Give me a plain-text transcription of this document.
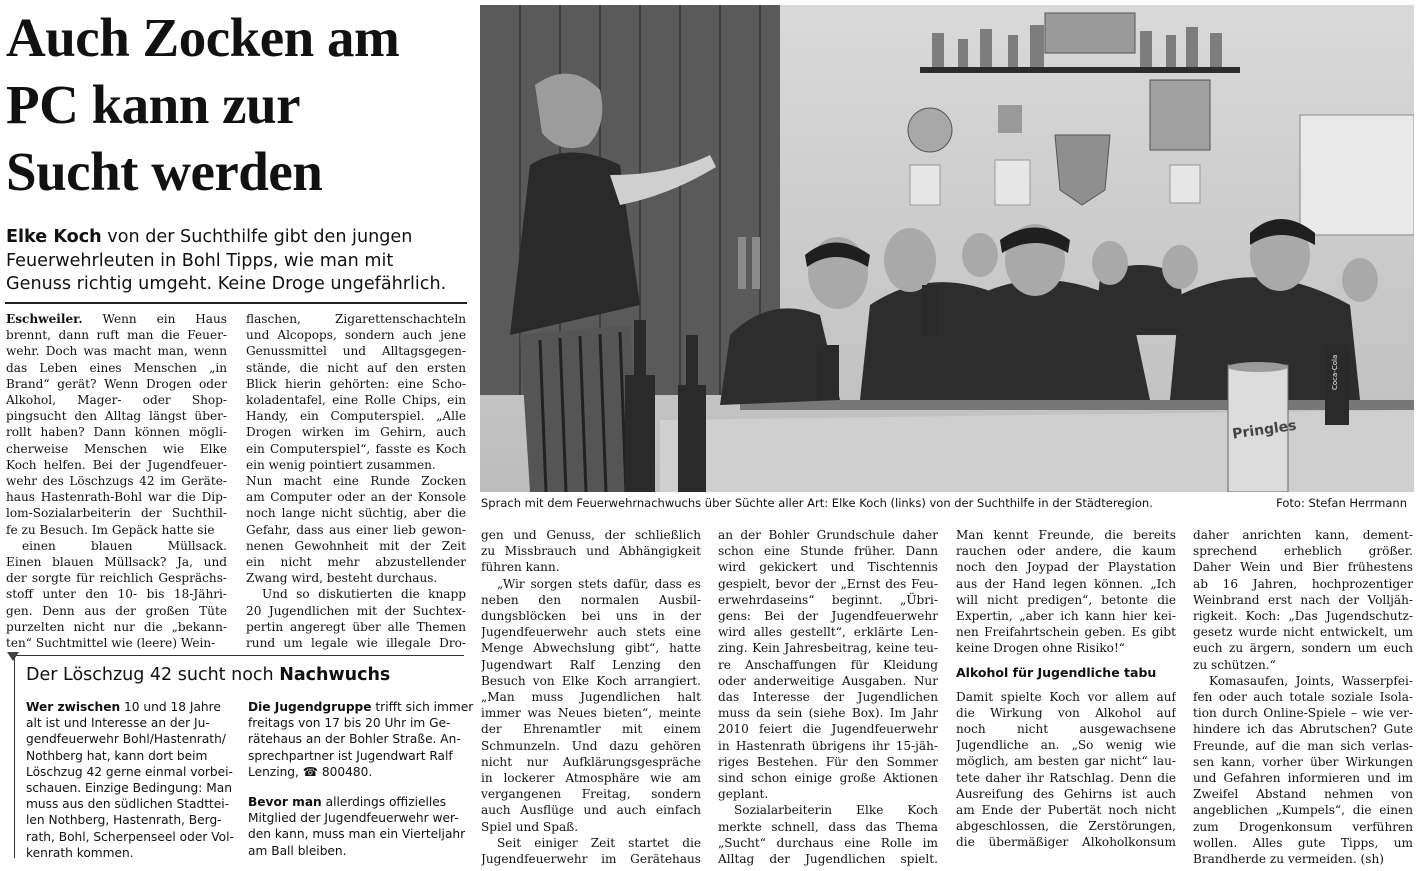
Auch Zocken am
PC kann zur
Sucht werden
Elke Koch von der Suchthilfe gibt den jungen
Feuerwehrleuten in Bohl Tipps, wie man mit
Genuss richtig umgeht. Keine Droge ungefährlich.
Eschweiler. Wenn ein Haus
brennt, dann ruft man die Feuer-
wehr. Doch was macht man, wenn
das Leben eines Menschen „in
Brand“ gerät? Wenn Drogen oder
Alkohol, Mager- oder Shop-
pingsucht den Alltag längst über-
rollt haben? Dann können mögli-
cherweise Menschen wie Elke
Koch helfen. Bei der Jugendfeuer-
wehr des Löschzugs 42 im Geräte-
haus Hastenrath-Bohl war die Dip-
lom-Sozialarbeiterin der Suchthil-
fe zu Besuch. Im Gepäck hatte sie
einen blauen Müllsack.
Einen blauen Müllsack? Ja, und
der sorgte für reichlich Gesprächs-
stoff unter den 10- bis 18-Jähri-
gen. Denn aus der großen Tüte
purzelten nicht nur die „bekann-
ten“ Suchtmittel wie (leere) Wein-
flaschen, Zigarettenschachteln
und Alcopops, sondern auch jene
Genussmittel und Alltagsgegen-
stände, die nicht auf den ersten
Blick hierin gehörten: eine Scho-
koladentafel, eine Rolle Chips, ein
Handy, ein Computerspiel. „Alle
Drogen wirken im Gehirn, auch
ein Computerspiel“, fasste es Koch
ein wenig pointiert zusammen.
Nun macht eine Runde Zocken
am Computer oder an der Konsole
noch lange nicht süchtig, aber die
Gefahr, dass aus einer lieb gewon-
nenen Gewohnheit mit der Zeit
ein nicht mehr abzustellender
Zwang wird, besteht durchaus.
Und so diskutierten die knapp
20 Jugendlichen mit der Suchtex-
pertin angeregt über alle Themen
rund um legale wie illegale Dro-
Coca-Cola
Pringles
Sprach mit dem Feuerwehrnachwuchs über Süchte aller Art: Elke Koch (links) von der Suchthilfe in der Städteregion.	Foto: Stefan Herrmann
gen und Genuss, der schließlich
zu Missbrauch und Abhängigkeit
führen kann.
„Wir sorgen stets dafür, dass es
neben den normalen Ausbil-
dungsblöcken bei uns in der
Jugendfeuerwehr auch stets eine
Menge Abwechslung gibt“, hatte
Jugendwart Ralf Lenzing den
Besuch von Elke Koch arrangiert.
„Man muss Jugendlichen halt
immer was Neues bieten“, meinte
der Ehrenamtler mit einem
Schmunzeln. Und dazu gehören
nicht nur Aufklärungsgespräche
in lockerer Atmosphäre wie am
vergangenen Freitag, sondern
auch Ausflüge und auch einfach
Spiel und Spaß.
Seit einiger Zeit startet die
Jugendfeuerwehr im Gerätehaus
an der Bohler Grundschule daher
schon eine Stunde früher. Dann
wird gekickert und Tischtennis
gespielt, bevor der „Ernst des Feu-
erwehrdaseins“ beginnt. „Übri-
gens: Bei der Jugendfeuerwehr
wird alles gestellt“, erklärte Len-
zing. Kein Jahresbeitrag, keine teu-
re Anschaffungen für Kleidung
oder anderweitige Ausgaben. Nur
das Interesse der Jugendlichen
muss da sein (siehe Box). Im Jahr
2010 feiert die Jugendfeuerwehr
in Hastenrath übrigens ihr 15-jäh-
riges Bestehen. Für den Sommer
sind schon einige große Aktionen
geplant.
Sozialarbeiterin Elke Koch
merkte schnell, dass das Thema
„Sucht“ durchaus eine Rolle im
Alltag der Jugendlichen spielt.
Man kennt Freunde, die bereits
rauchen oder andere, die kaum
noch den Joypad der Playstation
aus der Hand legen können. „Ich
will nicht predigen“, betonte die
Expertin, „aber ich kann hier kei-
nen Freifahrtschein geben. Es gibt
keine Drogen ohne Risiko!“
Alkohol für Jugendliche tabu
Damit spielte Koch vor allem auf
die Wirkung von Alkohol auf
noch nicht ausgewachsene
Jugendliche an. „So wenig wie
möglich, am besten gar nicht“ lau-
tete daher ihr Ratschlag. Denn die
Ausreifung des Gehirns ist auch
am Ende der Pubertät noch nicht
abgeschlossen, die Zerstörungen,
die übermäßiger Alkoholkonsum
daher anrichten kann, dement-
sprechend erheblich größer.
Daher Wein und Bier frühestens
ab 16 Jahren, hochprozentiger
Weinbrand erst nach der Volljäh-
rigkeit. Koch: „Das Jugendschutz-
gesetz wurde nicht entwickelt, um
euch zu ärgern, sondern um euch
zu schützen.“
Komasaufen, Joints, Wasserpfei-
fen oder auch totale soziale Isola-
tion durch Online-Spiele – wie ver-
hindere ich das Abrutschen? Gute
Freunde, auf die man sich verlas-
sen kann, vorher über Wirkungen
und Gefahren informieren und im
Zweifel Abstand nehmen von
angeblichen „Kumpels“, die einen
zum Drogenkonsum verführen
wollen. Alles gute Tipps, um
Brandherde zu vermeiden. (sh)
Der Löschzug 42 sucht noch Nachwuchs
Wer zwischen 10 und 18 Jahre
alt ist und Interesse an der Ju-
gendfeuerwehr Bohl/Hastenrath/
Nothberg hat, kann dort beim
Löschzug 42 gerne einmal vorbei-
schauen. Einzige Bedingung: Man
muss aus den südlichen Stadttei-
len Nothberg, Hastenrath, Berg-
rath, Bohl, Scherpenseel oder Vol-
kenrath kommen.
Die Jugendgruppe trifft sich immer
freitags von 17 bis 20 Uhr im Ge-
rätehaus an der Bohler Straße. An-
sprechpartner ist Jugendwart Ralf
Lenzing, ☎ 800480.
Bevor man allerdings offizielles
Mitglied der Jugendfeuerwehr wer-
den kann, muss man ein Vierteljahr
am Ball bleiben.
